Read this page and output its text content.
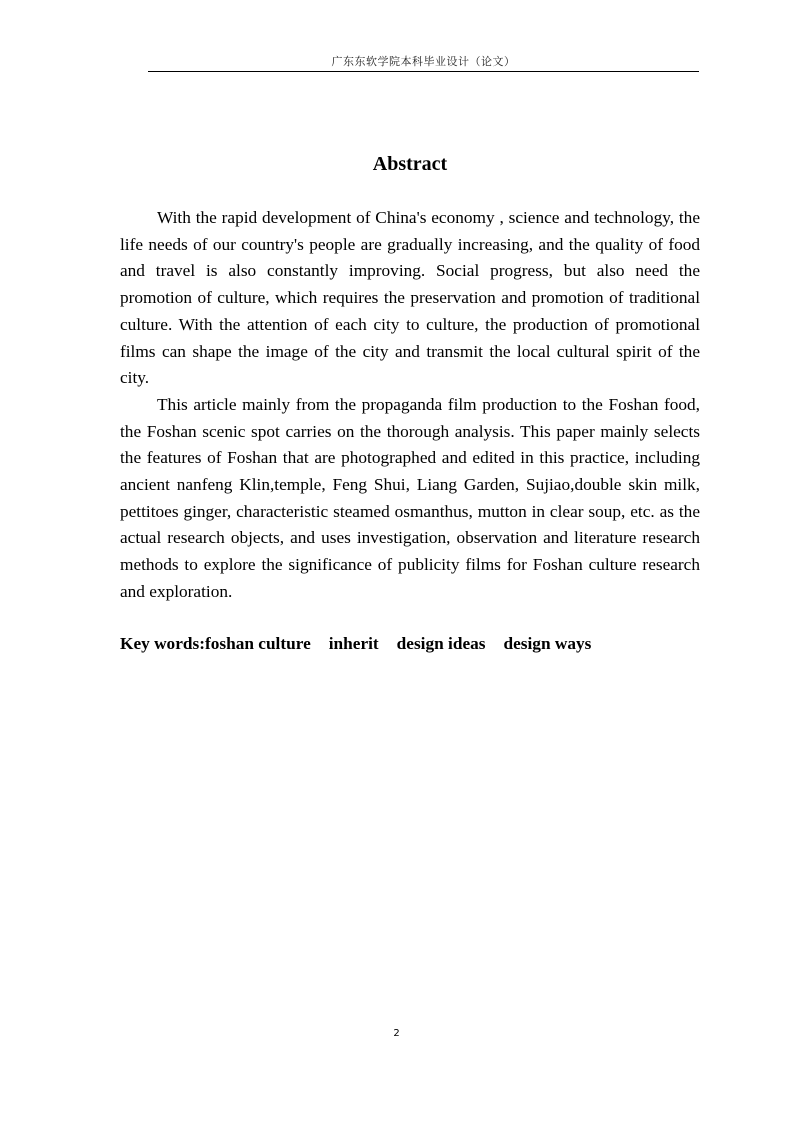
广东东软学院本科毕业设计（论文）
Abstract

With the rapid development of China's economy , science and technology, the life needs of our country's people are gradually increasing, and the quality of food and travel is also constantly improving. Social progress, but also need the promotion of culture, which requires the preservation and promotion of traditional culture. With the attention of each city to culture, the production of promotional films can shape the image of the city and transmit the local cultural spirit of the city.

This article mainly from the propaganda film production to the Foshan food, the Foshan scenic spot carries on the thorough analysis. This paper mainly selects the features of Foshan that are photographed and edited in this practice, including ancient nanfeng Klin,temple, Feng Shui, Liang Garden, Sujiao,double skin milk, pettitoes ginger, characteristic steamed osmanthus, mutton in clear soup, etc. as the actual research objects, and uses investigation, observation and literature research methods to explore the significance of publicity films for Foshan culture research and exploration.

Key words:foshan culture inherit design ideas design ways
2
